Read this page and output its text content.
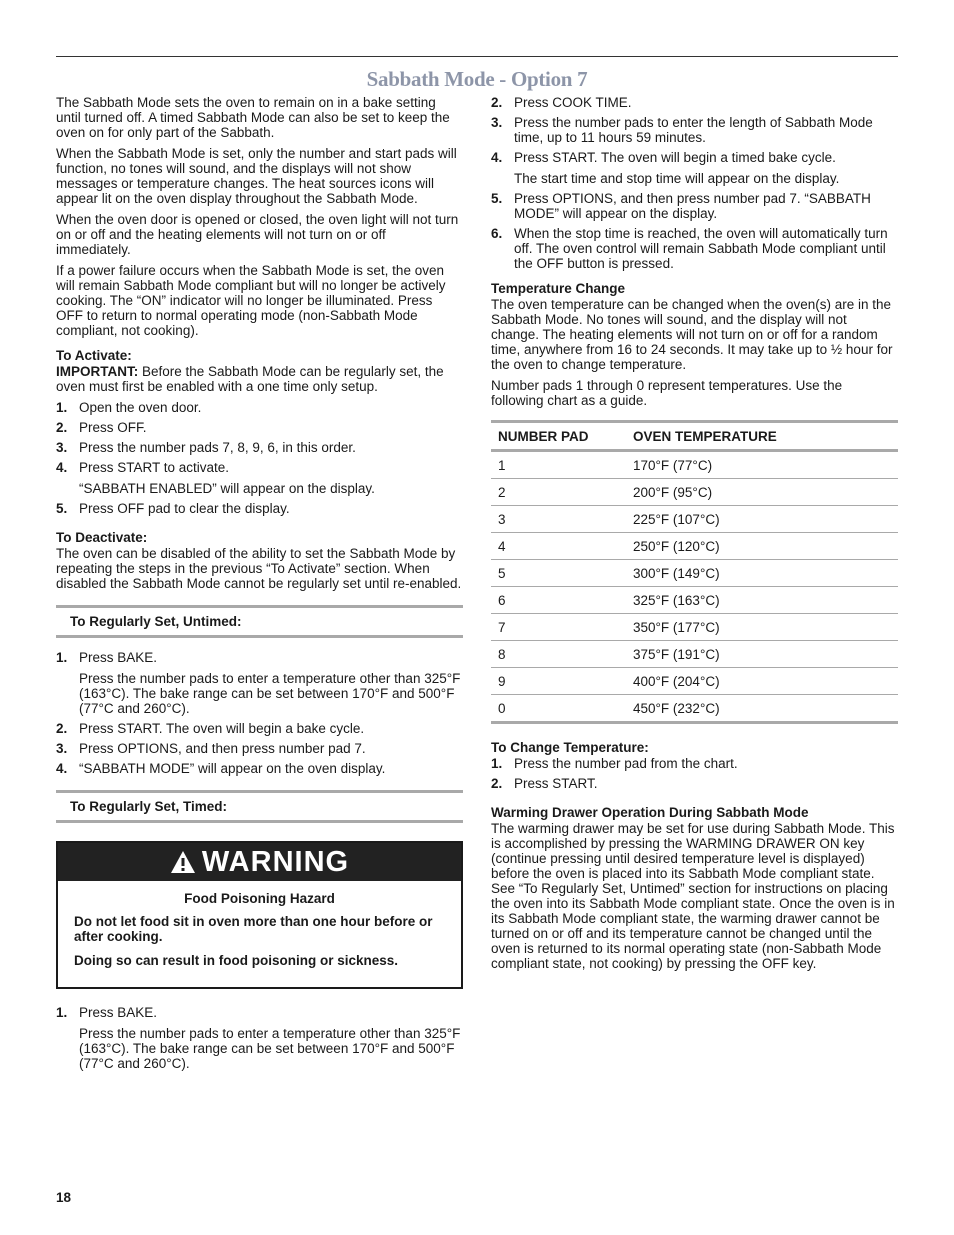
Sabbath Mode - Option 7

The Sabbath Mode sets the oven to remain on in a bake setting until turned off. A timed Sabbath Mode can also be set to keep the oven on for only part of the Sabbath.

When the Sabbath Mode is set, only the number and start pads will function, no tones will sound, and the displays will not show messages or temperature changes. The heat sources icons will appear lit on the oven display throughout the Sabbath Mode.

When the oven door is opened or closed, the oven light will not turn on or off and the heating elements will not turn on or off immediately.

If a power failure occurs when the Sabbath Mode is set, the oven will remain Sabbath Mode compliant but will no longer be actively cooking. The “ON” indicator will no longer be illuminated. Press OFF to return to normal operating mode (non-Sabbath Mode compliant, not cooking).

To Activate:

IMPORTANT: Before the Sabbath Mode can be regularly set, the oven must first be enabled with a one time only setup.

1. Open the oven door.
2. Press OFF.
3. Press the number pads 7, 8, 9, 6, in this order.
4. Press START to activate.
“SABBATH ENABLED” will appear on the display.
5. Press OFF pad to clear the display.
To Deactivate:

The oven can be disabled of the ability to set the Sabbath Mode by repeating the steps in the previous “To Activate” section. When disabled the Sabbath Mode cannot be regularly set until re-enabled.

To Regularly Set, Untimed:
1. Press BAKE.
Press the number pads to enter a temperature other than 325°F (163°C). The bake range can be set between 170°F and 500°F (77°C and 260°C).
2. Press START. The oven will begin a bake cycle.
3. Press OPTIONS, and then press number pad 7.
4. “SABBATH MODE” will appear on the oven display.
To Regularly Set, Timed:
WARNING
Food Poisoning Hazard

Do not let food sit in oven more than one hour before or after cooking.

Doing so can result in food poisoning or sickness.

1. Press BAKE.
Press the number pads to enter a temperature other than 325°F (163°C). The bake range can be set between 170°F and 500°F (77°C and 260°C).
2. Press COOK TIME.
3. Press the number pads to enter the length of Sabbath Mode time, up to 11 hours 59 minutes.
4. Press START. The oven will begin a timed bake cycle.
The start time and stop time will appear on the display.
5. Press OPTIONS, and then press number pad 7. “SABBATH MODE” will appear on the display.
6. When the stop time is reached, the oven will automatically turn off. The oven control will remain Sabbath Mode compliant until the OFF button is pressed.
Temperature Change

The oven temperature can be changed when the oven(s) are in the Sabbath Mode. No tones will sound, and the display will not change. The heating elements will not turn on or off for a random time, anywhere from 16 to 24 seconds. It may take up to ½ hour for the oven to change temperature.

Number pads 1 through 0 represent temperatures. Use the following chart as a guide.

NUMBER PAD	OVEN TEMPERATURE
1	170°F (77°C)
2	200°F (95°C)
3	225°F (107°C)
4	250°F (120°C)
5	300°F (149°C)
6	325°F (163°C)
7	350°F (177°C)
8	375°F (191°C)
9	400°F (204°C)
0	450°F (232°C)
To Change Temperature:
1. Press the number pad from the chart.
2. Press START.
Warming Drawer Operation During Sabbath Mode

The warming drawer may be set for use during Sabbath Mode. This is accomplished by pressing the WARMING DRAWER ON key (continue pressing until desired temperature level is displayed) before the oven is placed into its Sabbath Mode compliant state. See “To Regularly Set, Untimed” section for instructions on placing the oven into its Sabbath Mode compliant state. Once the oven is in its Sabbath Mode compliant state, the warming drawer cannot be turned on or off and its temperature cannot be changed until the oven is returned to its normal operating state (non-Sabbath Mode compliant state, not cooking) by pressing the OFF key.

18
